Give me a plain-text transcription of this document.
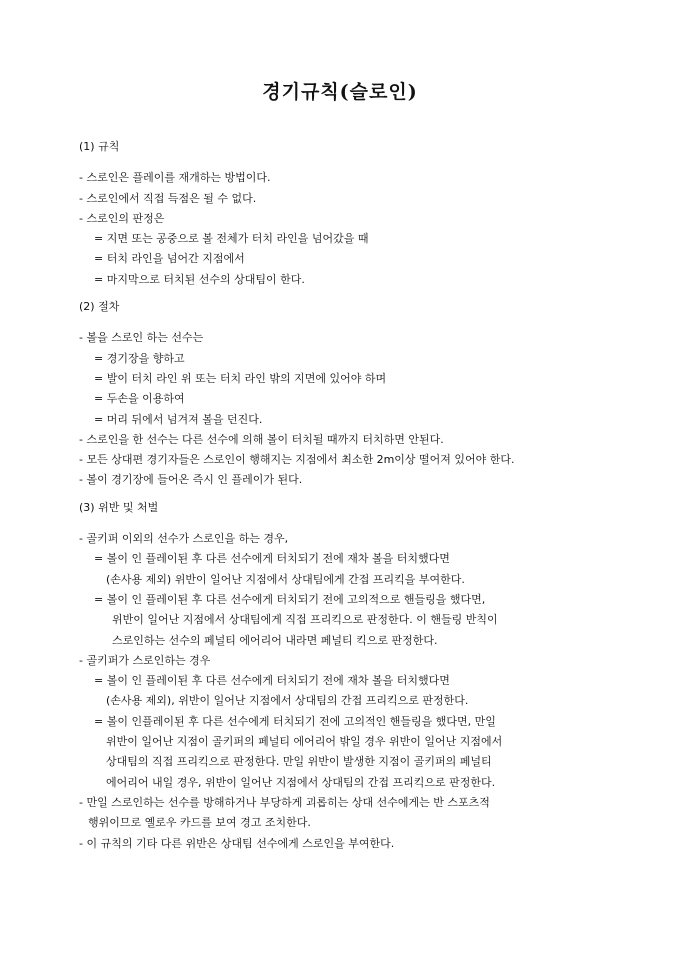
경기규칙(슬로인)
(1) 규칙
- 스로인은 플레이를 재개하는 방법이다.
- 스로인에서 직접 득점은 될 수 없다.
- 스로인의 판정은
= 지면 또는 공중으로 볼 전체가 터치 라인을 넘어갔을 때
= 터치 라인을 넘어간 지점에서
= 마지막으로 터치된 선수의 상대팀이 한다.
(2) 절차
- 볼을 스로인 하는 선수는
= 경기장을 향하고
= 발이 터치 라인 위 또는 터치 라인 밖의 지면에 있어야 하며
= 두손을 이용하여
= 머리 뒤에서 넘겨져 볼을 던진다.
- 스로인을 한 선수는 다른 선수에 의해 볼이 터치될 때까지 터치하면 안된다.
- 모든 상대편 경기자들은 스로인이 행해지는 지점에서 최소한 2m이상 떨어져 있어야 한다.
- 볼이 경기장에 들어온 즉시 인 플레이가 된다.
(3) 위반 및 처벌
- 골키퍼 이외의 선수가 스로인을 하는 경우,
= 볼이 인 플레이된 후 다른 선수에게 터치되기 전에 재차 볼을 터치했다면
(손사용 제외) 위반이 일어난 지점에서 상대팀에게 간접 프리킥을 부여한다.
= 볼이 인 플레이된 후 다른 선수에게 터치되기 전에 고의적으로 핸들링을 했다면,
위반이 일어난 지점에서 상대팀에게 직접 프리킥으로 판정한다. 이 핸들링 반칙이
스로인하는 선수의 페널티 에어리어 내라면 페널티 킥으로 판정한다.
- 골키퍼가 스로인하는 경우
= 볼이 인 플레이된 후 다른 선수에게 터치되기 전에 재차 볼을 터치했다면
(손사용 제외), 위반이 일어난 지점에서 상대팀의 간접 프리킥으로 판정한다.
= 볼이 인플레이된 후 다른 선수에게 터치되기 전에 고의적인 핸들링을 했다면, 만일
위반이 일어난 지점이 골키퍼의 페널티 에어리어 밖일 경우 위반이 일어난 지점에서
상대팀의 직접 프리킥으로 판정한다. 만일 위반이 발생한 지점이 골키퍼의 페널티
에어리어 내일 경우, 위반이 일어난 지점에서 상대팀의 간접 프리킥으로 판정한다.
- 만일 스로인하는 선수를 방해하거나 부당하게 괴롭히는 상대 선수에게는 반 스포츠적
행위이므로 옐로우 카드를 보여 경고 조치한다.
- 이 규칙의 기타 다른 위반은 상대팀 선수에게 스로인을 부여한다.
